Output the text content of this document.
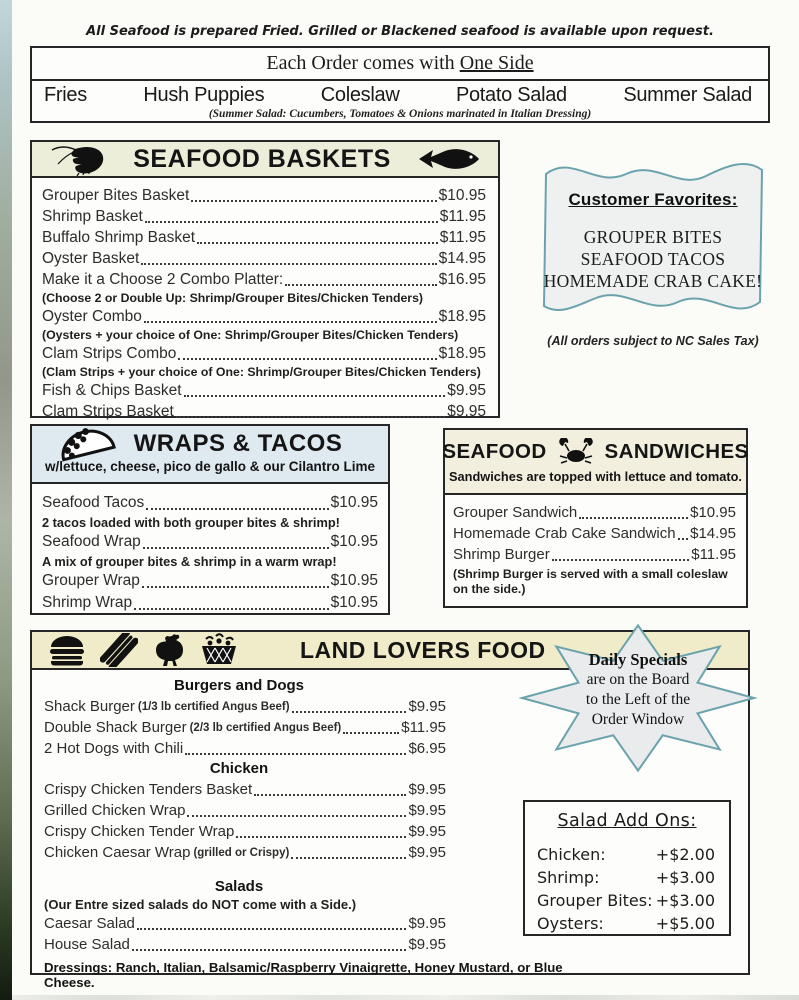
All Seafood is prepared Fried. Grilled or Blackened seafood is available upon request.
Each Order comes with
One Side
Fries	Hush Puppies	Coleslaw	Potato Salad	Summer Salad
(Summer Salad: Cucumbers, Tomatoes & Onions marinated in Italian Dressing)
SEAFOOD BASKETS
Grouper Bites Basket	$10.95
Shrimp Basket	$11.95
Buffalo Shrimp Basket	$11.95
Oyster Basket	$14.95
Make it a Choose 2 Combo Platter:	$16.95
(Choose 2 or Double Up: Shrimp/Grouper Bites/Chicken Tenders)
Oyster Combo	$18.95
(Oysters + your choice of One: Shrimp/Grouper Bites/Chicken Tenders)
Clam Strips Combo	$18.95
(Clam Strips + your choice of One: Shrimp/Grouper Bites/Chicken Tenders)
Fish & Chips Basket	$9.95
Clam Strips Basket	$9.95
Customer Favorites:
GROUPER BITES
SEAFOOD TACOS
HOMEMADE CRAB CAKE!
(All orders subject to NC Sales Tax)
WRAPS & TACOS
w/lettuce, cheese, pico de gallo & our Cilantro Lime
Seafood Tacos	$10.95
2 tacos loaded with both grouper bites & shrimp!
Seafood Wrap	$10.95
A mix of grouper bites & shrimp in a warm wrap!
Grouper Wrap	$10.95
Shrimp Wrap	$10.95
SEAFOOD	SANDWICHES
Sandwiches are topped with lettuce and tomato.
Grouper Sandwich	$10.95
Homemade Crab Cake Sandwich $14.95
Shrimp Burger	$11.95
(Shrimp Burger is served with a small coleslaw on the side.)
LAND LOVERS FOOD
Burgers and Dogs
Shack Burger (1/3 lb certified Angus Beef)	$9.95
Double Shack Burger (2/3 lb certified Angus Beef)	$11.95
2 Hot Dogs with Chili	$6.95
Chicken
Crispy Chicken Tenders Basket	$9.95
Grilled Chicken Wrap	$9.95
Crispy Chicken Tender Wrap	$9.95
Chicken Caesar Wrap (grilled or Crispy)	$9.95
Salads
(Our Entre sized salads do NOT come with a Side.)
Caesar Salad	$9.95
House Salad	$9.95
Dressings: Ranch, Italian, Balsamic/Raspberry Vinaigrette, Honey Mustard, or Blue Cheese.
Daily Specials
are on the Board
to the Left of the
Order Window
Salad Add Ons:
Chicken:	+$2.00
Shrimp:	+$3.00
Grouper Bites: +$3.00
Oysters:	+$5.00
